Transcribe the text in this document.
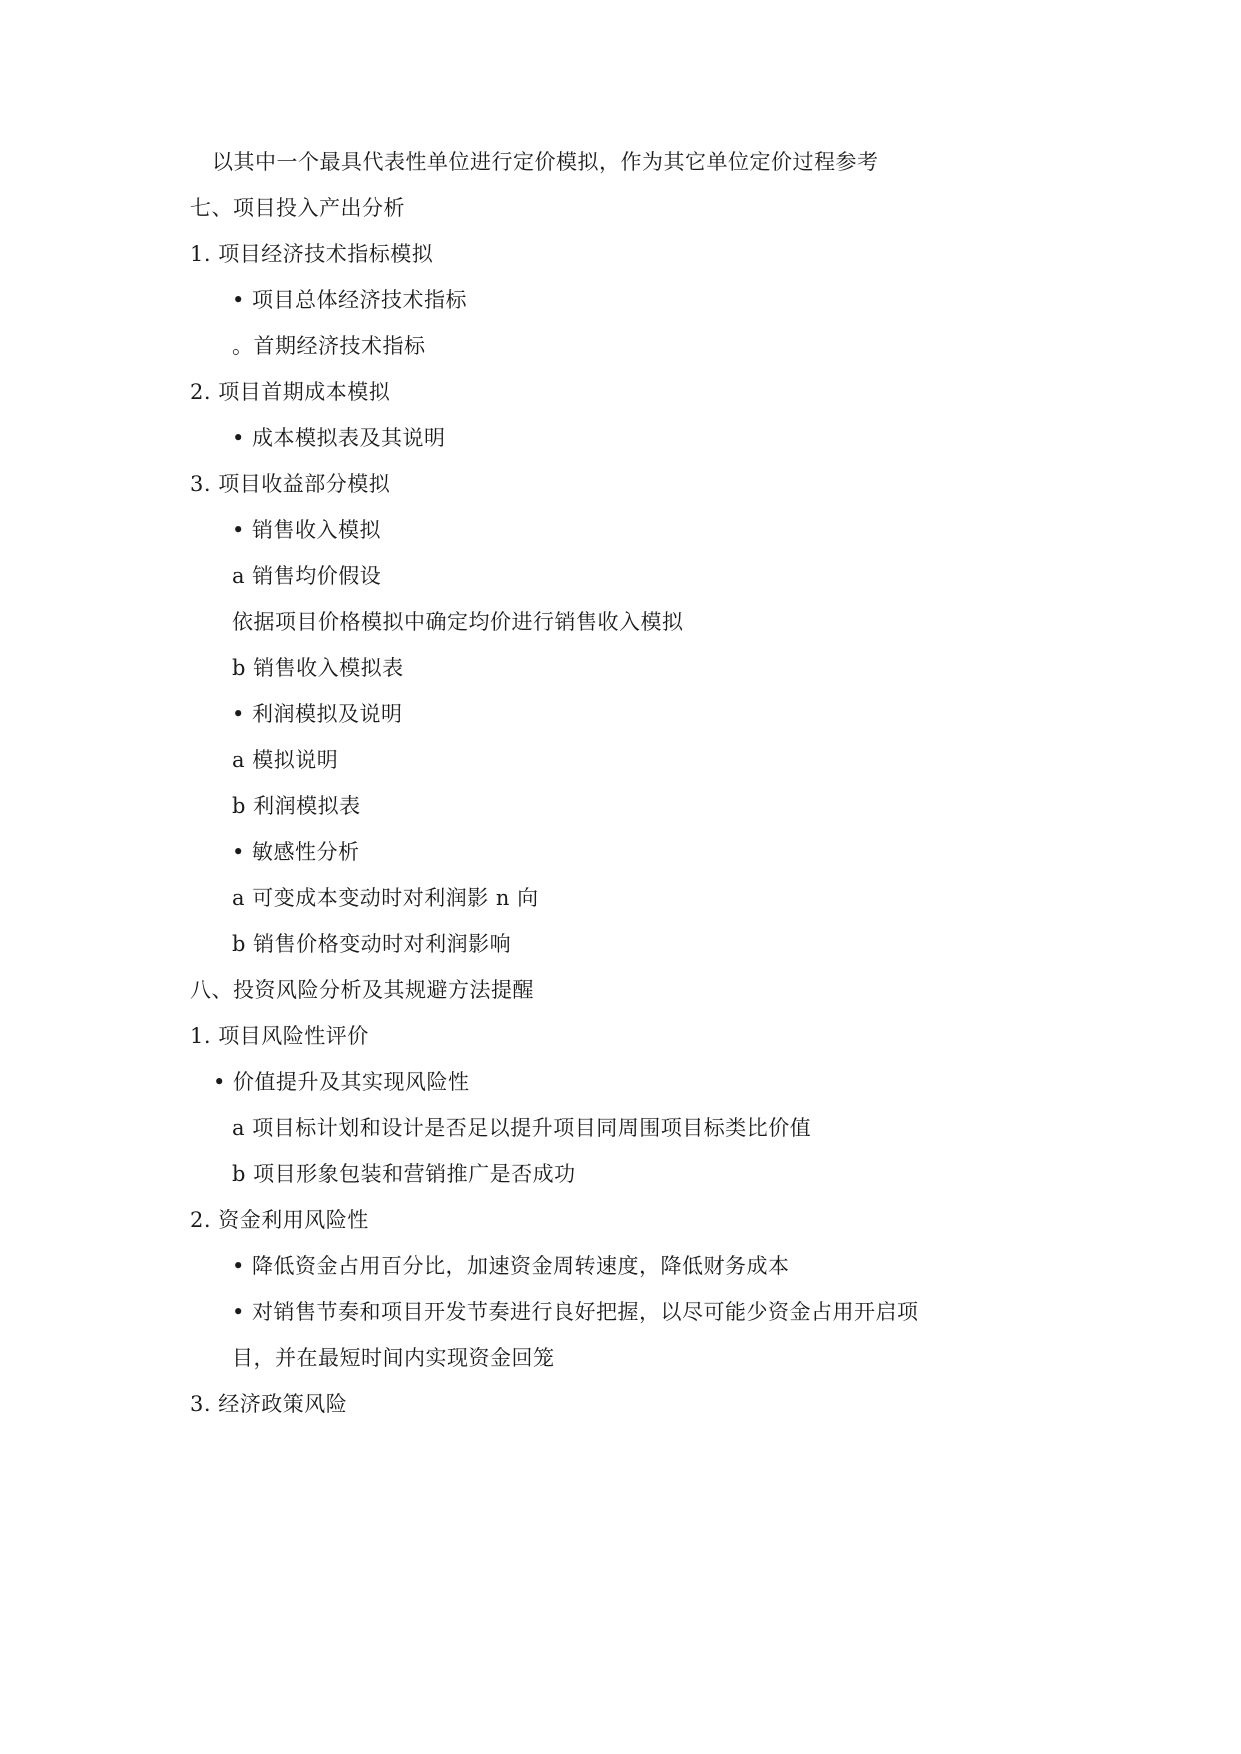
以其中一个最具代表性单位进行定价模拟，作为其它单位定价过程参考
七、项目投入产出分析
1. 项目经济技术指标模拟
• 项目总体经济技术指标
。首期经济技术指标
2. 项目首期成本模拟
• 成本模拟表及其说明
3. 项目收益部分模拟
• 销售收入模拟
a 销售均价假设
依据项目价格模拟中确定均价进行销售收入模拟
b 销售收入模拟表
• 利润模拟及说明
a 模拟说明
b 利润模拟表
• 敏感性分析
a 可变成本变动时对利润影 n 向
b 销售价格变动时对利润影响
八、投资风险分析及其规避方法提醒
1. 项目风险性评价
• 价值提升及其实现风险性
a 项目标计划和设计是否足以提升项目同周围项目标类比价值
b 项目形象包装和营销推广是否成功
2. 资金利用风险性
• 降低资金占用百分比，加速资金周转速度，降低财务成本
• 对销售节奏和项目开发节奏进行良好把握，以尽可能少资金占用开启项
目，并在最短时间内实现资金回笼
3. 经济政策风险
